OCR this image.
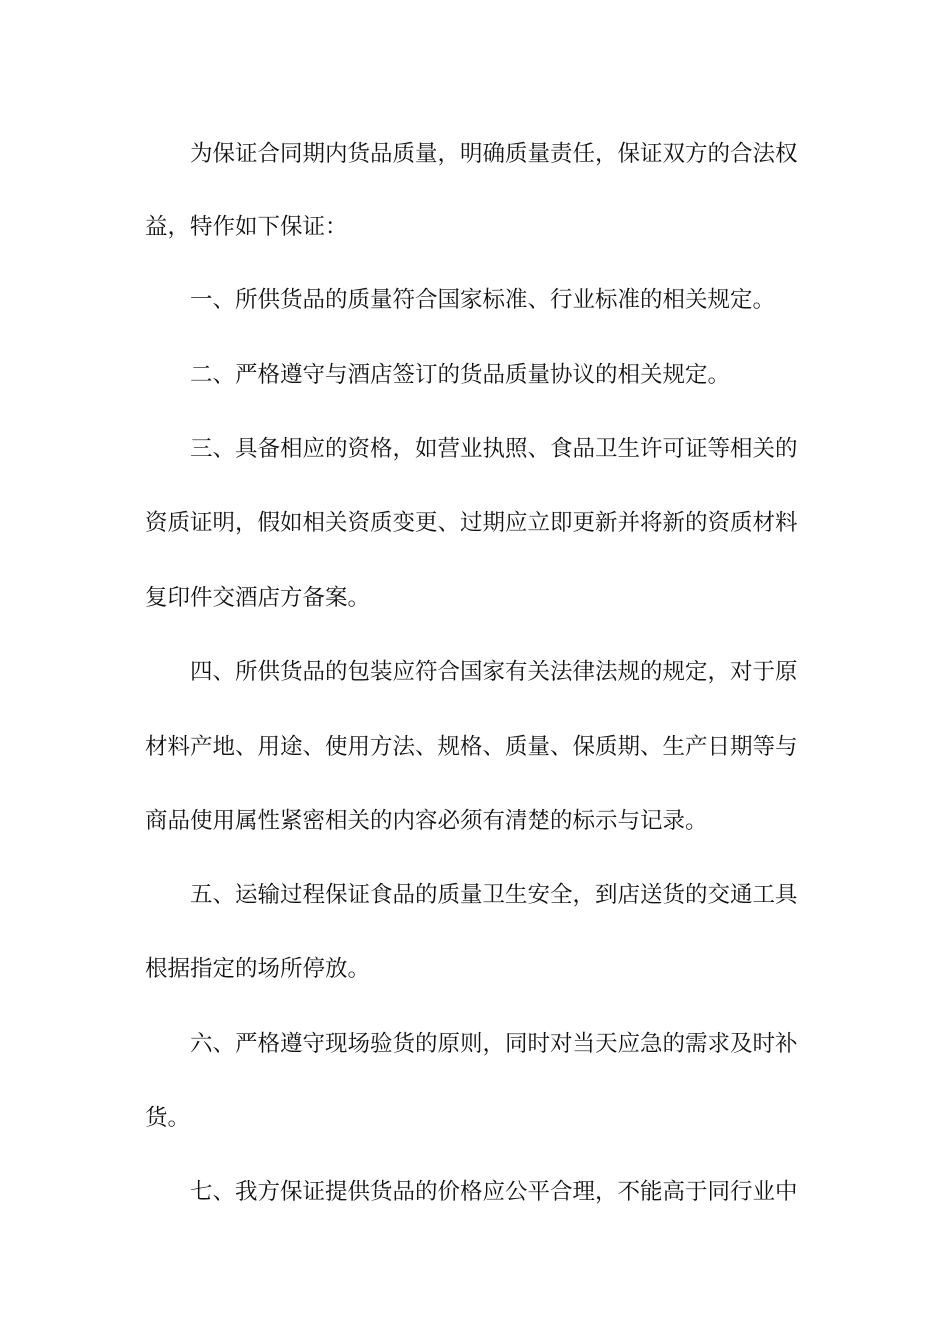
为保证合同期内货品质量，明确质量责任，保证双方的合法权
益，特作如下保证：
一、所供货品的质量符合国家标准、行业标准的相关规定。
二、严格遵守与酒店签订的货品质量协议的相关规定。
三、具备相应的资格，如营业执照、食品卫生许可证等相关的
资质证明，假如相关资质变更、过期应立即更新并将新的资质材料
复印件交酒店方备案。
四、所供货品的包装应符合国家有关法律法规的规定，对于原
材料产地、用途、使用方法、规格、质量、保质期、生产日期等与
商品使用属性紧密相关的内容必须有清楚的标示与记录。
五、运输过程保证食品的质量卫生安全，到店送货的交通工具
根据指定的场所停放。
六、严格遵守现场验货的原则，同时对当天应急的需求及时补
货。
七、我方保证提供货品的价格应公平合理，不能高于同行业中
